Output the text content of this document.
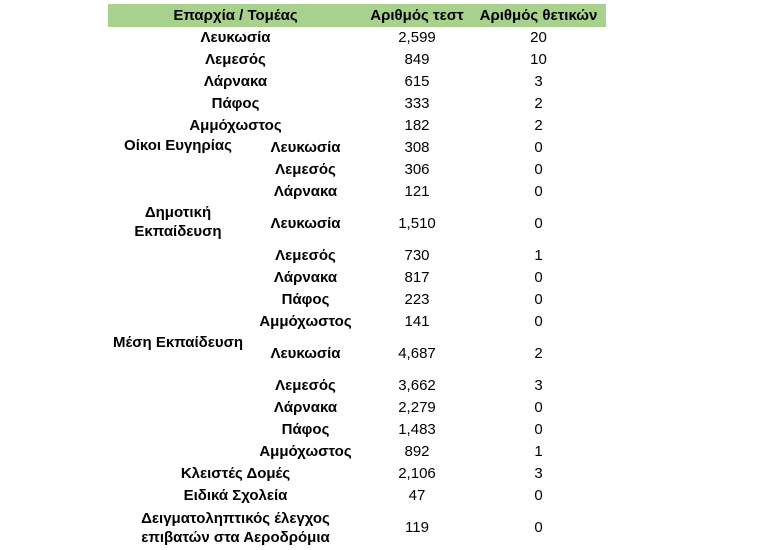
Επαρχία / Τομέας		Αριθμός τεστ	Αριθμός θετικών
Λευκωσία		2,599	20
Λεμεσός		849	10
Λάρνακα		615	3
Πάφος		333	2
Αμμόχωστος		182	2
Οίκοι Ευγηρίας	Λευκωσία	308	0
	Λεμεσός	306	0
	Λάρνακα	121	0
Δημοτική Εκπαίδευση	Λευκωσία	1,510	0
	Λεμεσός	730	1
	Λάρνακα	817	0
	Πάφος	223	0
	Αμμόχωστος	141	0
Μέση Εκπαίδευση	Λευκωσία	4,687	2
	Λεμεσός	3,662	3
	Λάρνακα	2,279	0
	Πάφος	1,483	0
	Αμμόχωστος	892	1
Κλειστές Δομές		2,106	3
Ειδικά Σχολεία		47	0
Δειγματοληπτικός έλεγχος επιβατών στα Αεροδρόμια		119	0
